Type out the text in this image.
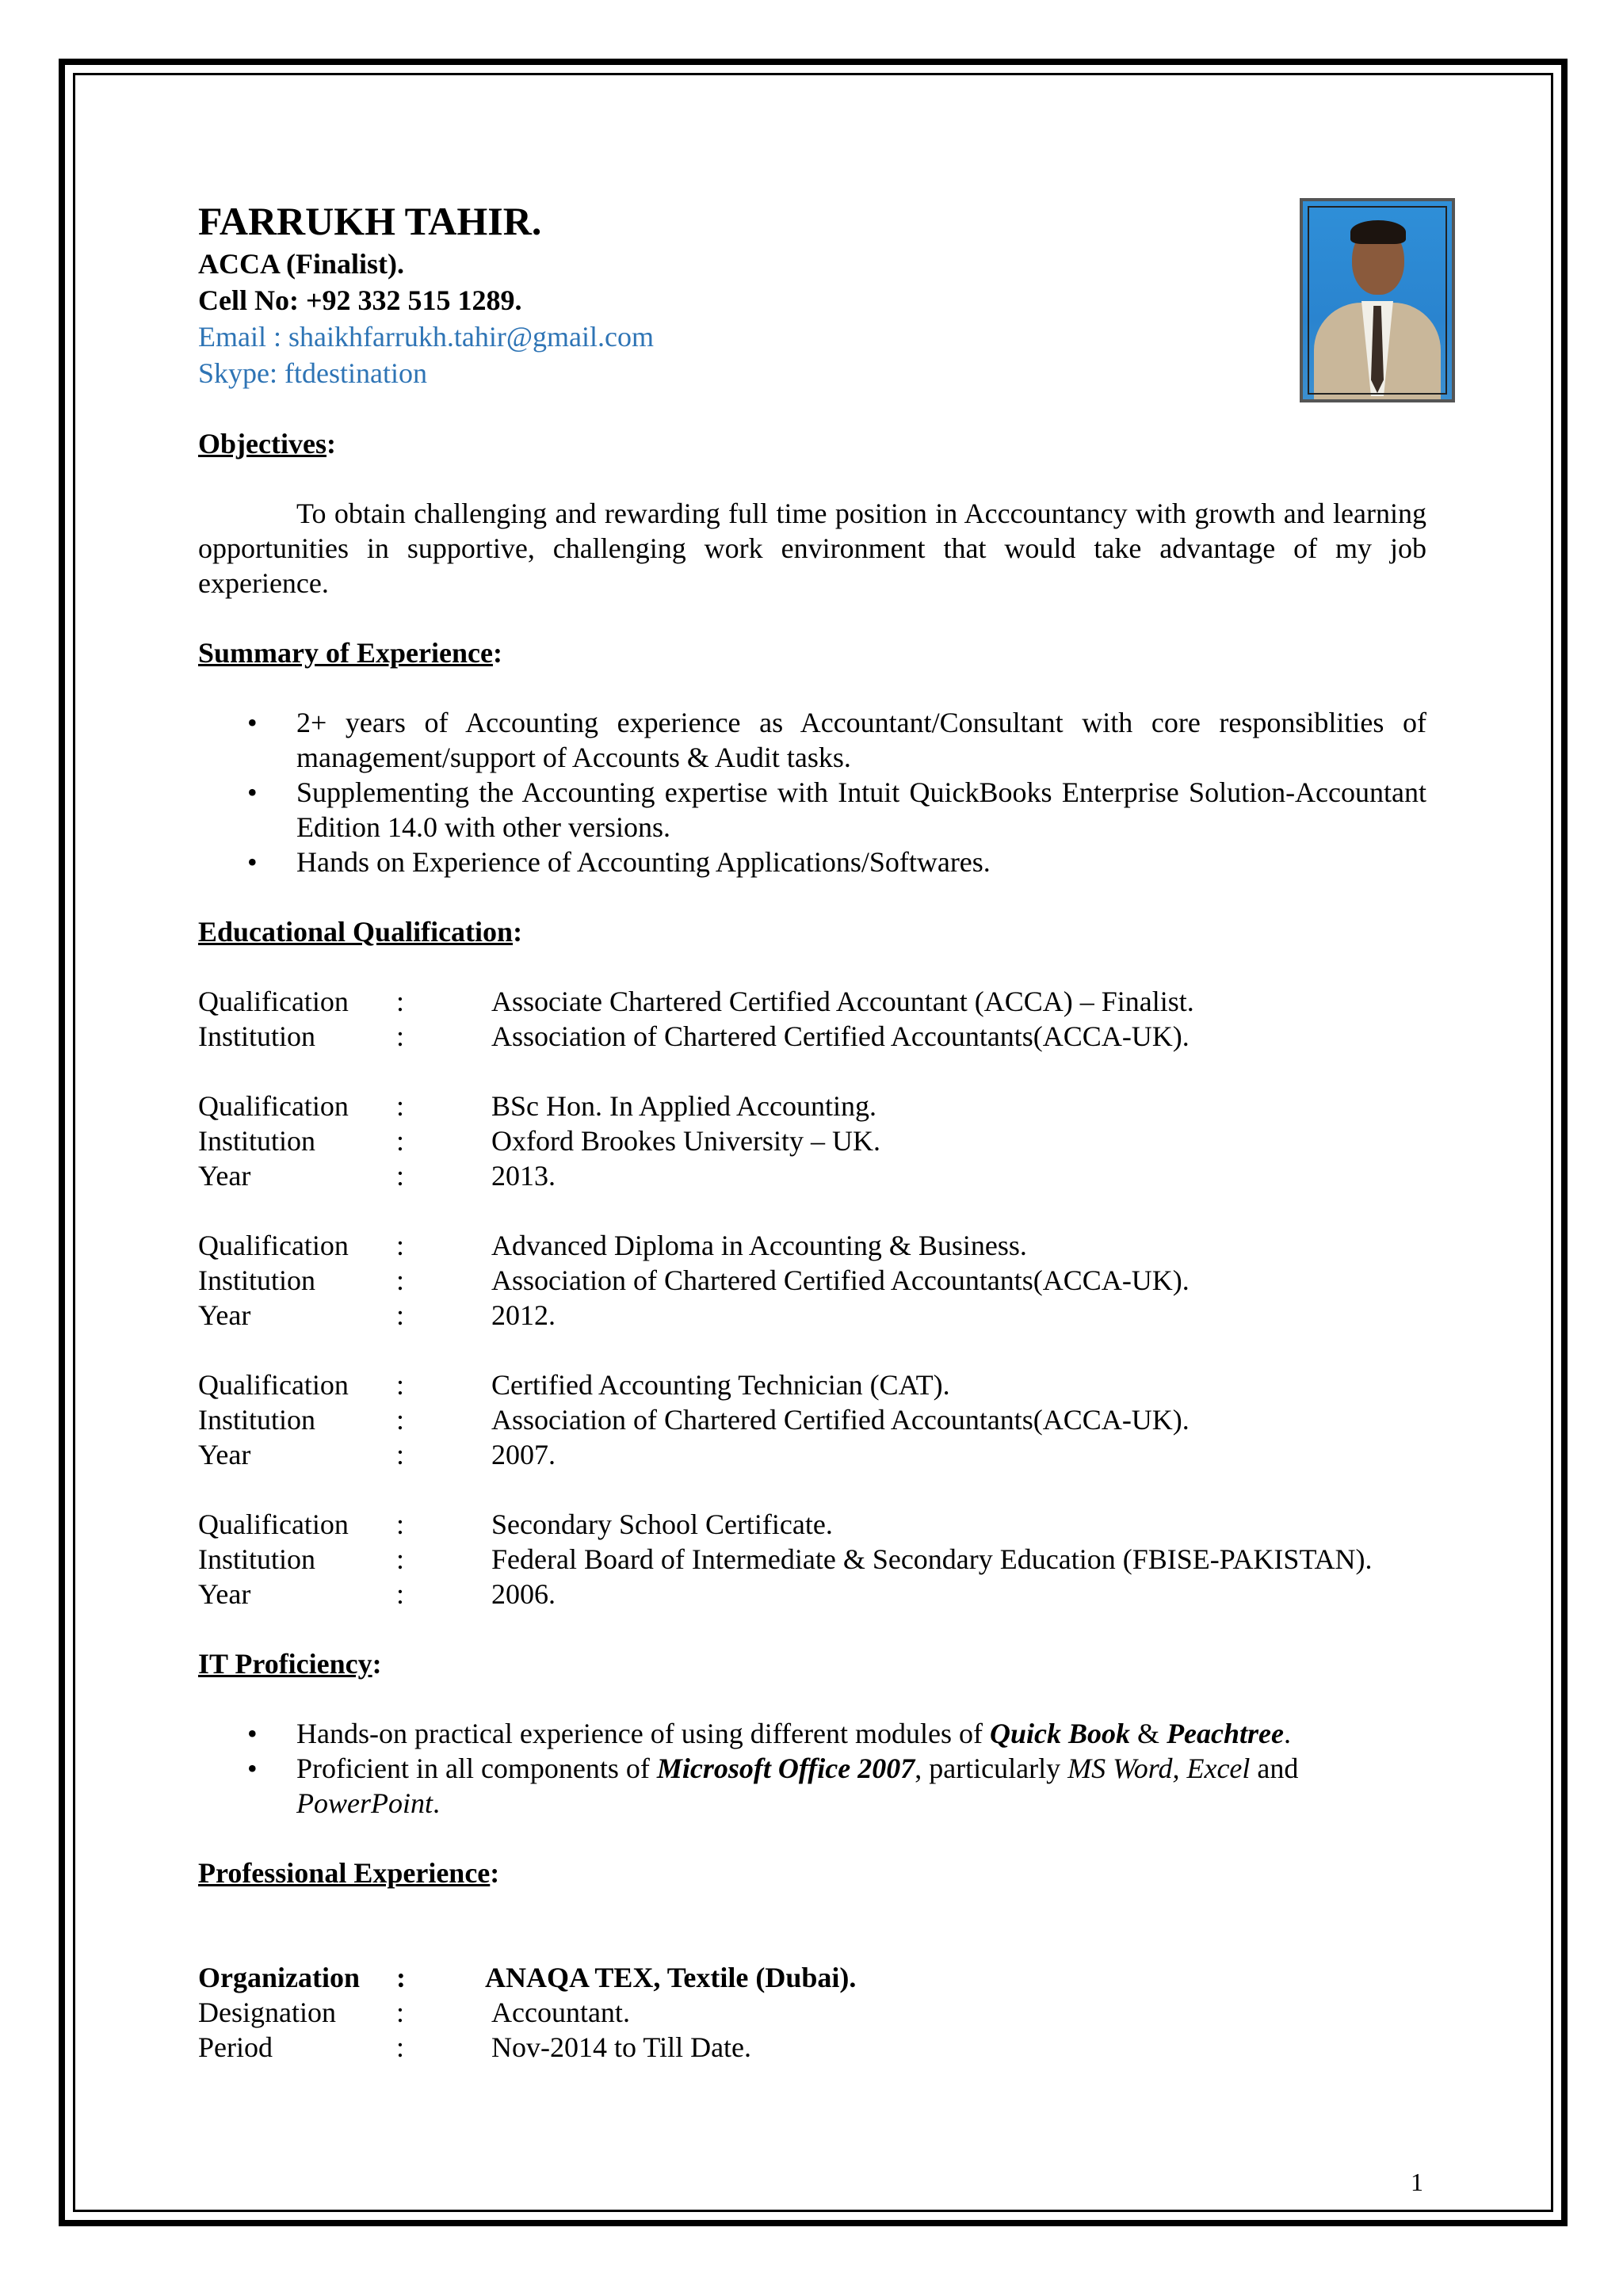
FARRUKH TAHIR.

ACCA (Finalist).

Cell No: +92 332 515 1289.

Email : shaikhfarrukh.tahir@gmail.com

Skype: ftdestination

Objectives:

To obtain challenging and rewarding full time position in Acccountancy with growth and learning opportunities in supportive, challenging work environment that would take advantage of my job experience.

Summary of Experience:

• 2+ years of Accounting experience as Accountant/Consultant with core responsiblities of management/support of Accounts & Audit tasks.
• Supplementing the Accounting expertise with Intuit QuickBooks Enterprise Solution-Accountant Edition 14.0 with other versions.
• Hands on Experience of Accounting Applications/Softwares.

Educational Qualification:

Qualification	:	Associate Chartered Certified Accountant (ACCA) – Finalist.
Institution	:	Association of Chartered Certified Accountants(ACCA-UK).
Qualification	:	BSc Hon. In Applied Accounting.
Institution	:	Oxford Brookes University – UK.
Year	:	2013.
Qualification	:	Advanced Diploma in Accounting & Business.
Institution	:	Association of Chartered Certified Accountants(ACCA-UK).
Year	:	2012.
Qualification	:	Certified Accounting Technician (CAT).
Institution	:	Association of Chartered Certified Accountants(ACCA-UK).
Year	:	2007.
Qualification	:	Secondary School Certificate.
Institution	:	Federal Board of Intermediate & Secondary Education (FBISE-PAKISTAN).
Year	:	2006.

IT Proficiency:

• Hands-on practical experience of using different modules of Quick Book & Peachtree.
• Proficient in all components of Microsoft Office 2007, particularly MS Word, Excel and PowerPoint.

Professional Experience:

Organization	:	ANAQA TEX, Textile (Dubai).
Designation	:	Accountant.
Period	:	Nov-2014 to Till Date.
1
